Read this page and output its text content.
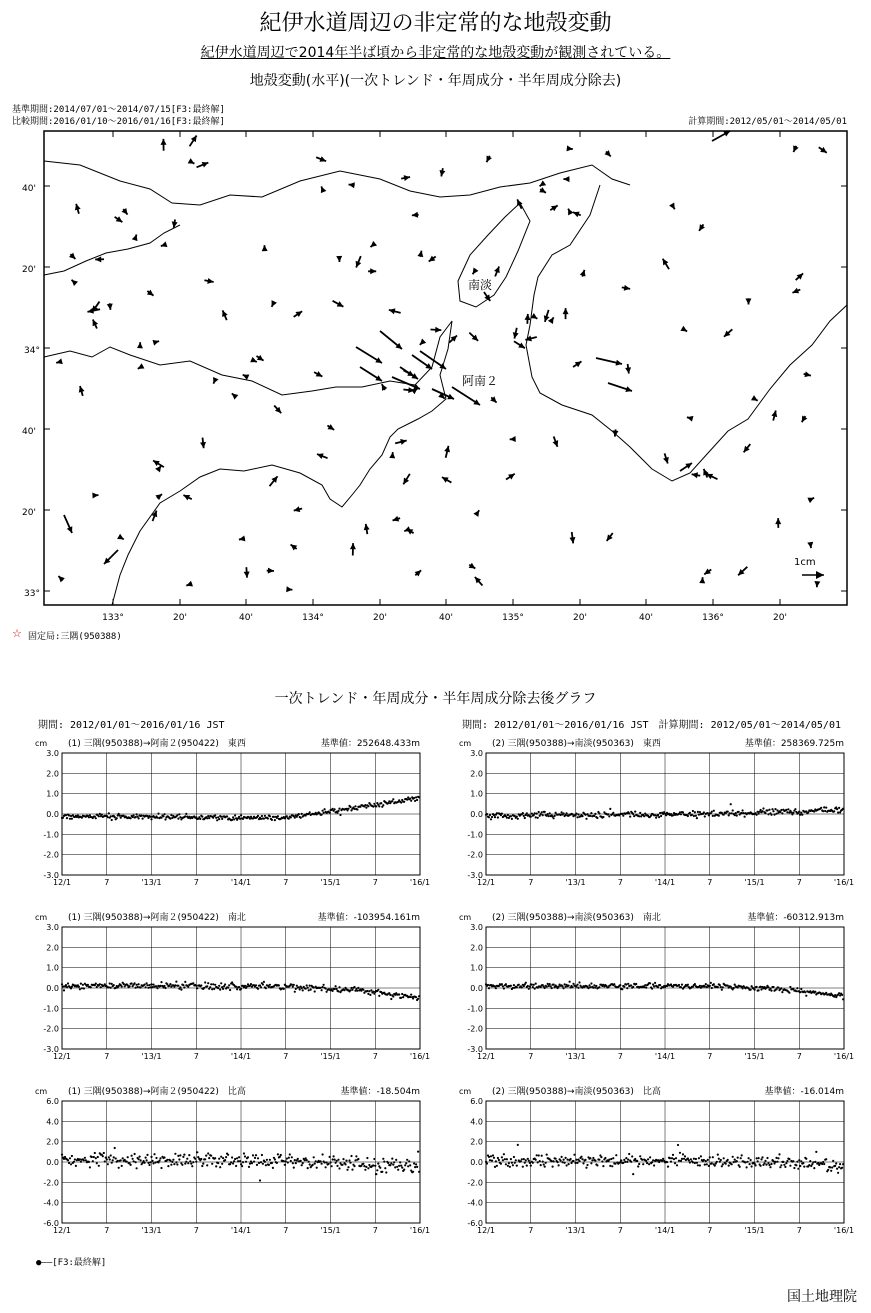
紀伊水道周辺の非定常的な地殻変動
紀伊水道周辺で2014年半ば頃から非定常的な地殻変動が観測されている。
地殻変動(水平)(一次トレンド・年周成分・半年周成分除去)
基準期間:2014/07/01～2014/07/15[F3:最終解]
比較期間:2016/01/10～2016/01/16[F3:最終解]	計算期間:2012/05/01～2014/05/01
南淡
阿南２
1cm
40'
20'
34°
40'
20'
33°
133°	20'	40'	134°	20'	40'	135°	20'	40'	136°	20'
☆ 固定局:三隅(950388)
一次トレンド・年周成分・半年周成分除去後グラフ
期間: 2012/01/01～2016/01/16 JST	期間: 2012/01/01～2016/01/16 JST　計算期間: 2012/05/01～2014/05/01
(1) 三隅(950388)→阿南２(950422)　東西	基準値：252648.433m
cm
3.0
2.0
1.0
0.0
-1.0
-2.0
-3.0
12/1	7	'13/1	7	'14/1	7	'15/1	7	'16/1
(2) 三隅(950388)→南淡(950363)　東西	基準値：258369.725m
cm
3.0
2.0
1.0
0.0
-1.0
-2.0
-3.0
12/1	7	'13/1	7	'14/1	7	'15/1	7	'16/1
(1) 三隅(950388)→阿南２(950422)　南北	基準値：-103954.161m
cm
3.0
2.0
1.0
0.0
-1.0
-2.0
-3.0
12/1	7	'13/1	7	'14/1	7	'15/1	7	'16/1
(2) 三隅(950388)→南淡(950363)　南北	基準値：-60312.913m
cm
3.0
2.0
1.0
0.0
-1.0
-2.0
-3.0
12/1	7	'13/1	7	'14/1	7	'15/1	7	'16/1
(1) 三隅(950388)→阿南２(950422)　比高	基準値：-18.504m
cm
6.0
4.0
2.0
0.0
-2.0
-4.0
-6.0
12/1	7	'13/1	7	'14/1	7	'15/1	7	'16/1
(2) 三隅(950388)→南淡(950363)　比高	基準値：-16.014m
cm
6.0
4.0
2.0
0.0
-2.0
-4.0
-6.0
12/1	7	'13/1	7	'14/1	7	'15/1	7	'16/1
●――[F3:最終解]
国土地理院
